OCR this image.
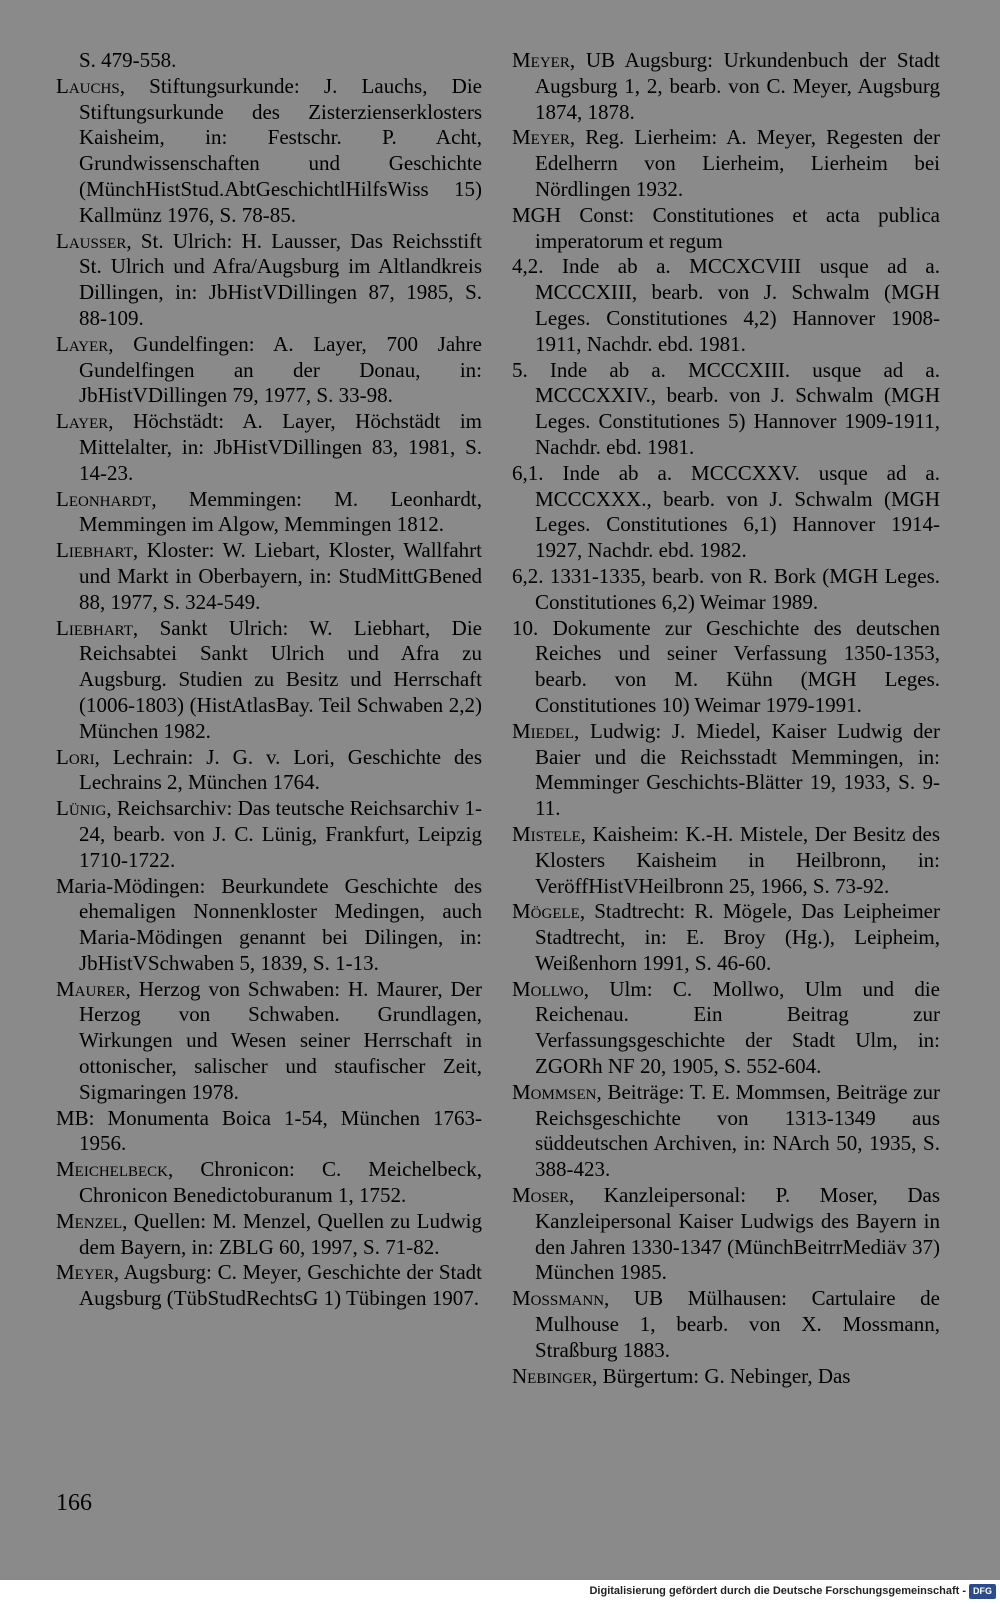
S. 479-558.
Lauchs, Stiftungsurkunde: J. Lauchs, Die Stiftungsurkunde des Zisterzienserklosters Kaisheim, in: Festschr. P. Acht, Grundwissenschaften und Geschichte (MünchHistStud.AbtGeschichtlHilfsWiss 15) Kallmünz 1976, S. 78-85.
Lausser, St. Ulrich: H. Lausser, Das Reichsstift St. Ulrich und Afra/Augsburg im Altlandkreis Dillingen, in: JbHistVDillingen 87, 1985, S. 88-109.
Layer, Gundelfingen: A. Layer, 700 Jahre Gundelfingen an der Donau, in: JbHistVDillingen 79, 1977, S. 33-98.
Layer, Höchstädt: A. Layer, Höchstädt im Mittelalter, in: JbHistVDillingen 83, 1981, S. 14-23.
Leonhardt, Memmingen: M. Leonhardt, Memmingen im Algow, Memmingen 1812.
Liebhart, Kloster: W. Liebart, Kloster, Wallfahrt und Markt in Oberbayern, in: StudMittGBened 88, 1977, S. 324-549.
Liebhart, Sankt Ulrich: W. Liebhart, Die Reichsabtei Sankt Ulrich und Afra zu Augsburg. Studien zu Besitz und Herrschaft (1006-1803) (HistAtlasBay. Teil Schwaben 2,2) München 1982.
Lori, Lechrain: J. G. v. Lori, Geschichte des Lechrains 2, München 1764.
Lünig, Reichsarchiv: Das teutsche Reichsarchiv 1-24, bearb. von J. C. Lünig, Frankfurt, Leipzig 1710-1722.
Maria-Mödingen: Beurkundete Geschichte des ehemaligen Nonnenkloster Medingen, auch Maria-Mödingen genannt bei Dilingen, in: JbHistVSchwaben 5, 1839, S. 1-13.
Maurer, Herzog von Schwaben: H. Maurer, Der Herzog von Schwaben. Grundlagen, Wirkungen und Wesen seiner Herrschaft in ottonischer, salischer und staufischer Zeit, Sigmaringen 1978.
MB: Monumenta Boica 1-54, München 1763-1956.
Meichelbeck, Chronicon: C. Meichelbeck, Chronicon Benedictoburanum 1, 1752.
Menzel, Quellen: M. Menzel, Quellen zu Ludwig dem Bayern, in: ZBLG 60, 1997, S. 71-82.
Meyer, Augsburg: C. Meyer, Geschichte der Stadt Augsburg (TübStudRechtsG 1) Tübingen 1907.
Meyer, UB Augsburg: Urkundenbuch der Stadt Augsburg 1, 2, bearb. von C. Meyer, Augsburg 1874, 1878.
Meyer, Reg. Lierheim: A. Meyer, Regesten der Edelherrn von Lierheim, Lierheim bei Nördlingen 1932.
MGH Const: Constitutiones et acta publica imperatorum et regum
4,2. Inde ab a. MCCXCVIII usque ad a. MCCCXIII, bearb. von J. Schwalm (MGH Leges. Constitutiones 4,2) Hannover 1908-1911, Nachdr. ebd. 1981.
5. Inde ab a. MCCCXIII. usque ad a. MCCCXXIV., bearb. von J. Schwalm (MGH Leges. Constitutiones 5) Hannover 1909-1911, Nachdr. ebd. 1981.
6,1. Inde ab a. MCCCXXV. usque ad a. MCCCXXX., bearb. von J. Schwalm (MGH Leges. Constitutiones 6,1) Hannover 1914-1927, Nachdr. ebd. 1982.
6,2. 1331-1335, bearb. von R. Bork (MGH Leges. Constitutiones 6,2) Weimar 1989.
10. Dokumente zur Geschichte des deutschen Reiches und seiner Verfassung 1350-1353, bearb. von M. Kühn (MGH Leges. Constitutiones 10) Weimar 1979-1991.
Miedel, Ludwig: J. Miedel, Kaiser Ludwig der Baier und die Reichsstadt Memmingen, in: Memminger Geschichts-Blätter 19, 1933, S. 9-11.
Mistele, Kaisheim: K.-H. Mistele, Der Besitz des Klosters Kaisheim in Heilbronn, in: VeröffHistVHeilbronn 25, 1966, S. 73-92.
Mögele, Stadtrecht: R. Mögele, Das Leipheimer Stadtrecht, in: E. Broy (Hg.), Leipheim, Weißenhorn 1991, S. 46-60.
Mollwo, Ulm: C. Mollwo, Ulm und die Reichenau. Ein Beitrag zur Verfassungsgeschichte der Stadt Ulm, in: ZGORh NF 20, 1905, S. 552-604.
Mommsen, Beiträge: T. E. Mommsen, Beiträge zur Reichsgeschichte von 1313-1349 aus süddeutschen Archiven, in: NArch 50, 1935, S. 388-423.
Moser, Kanzleipersonal: P. Moser, Das Kanzleipersonal Kaiser Ludwigs des Bayern in den Jahren 1330-1347 (MünchBeitrrMediäv 37) München 1985.
Mossmann, UB Mülhausen: Cartulaire de Mulhouse 1, bearb. von X. Mossmann, Straßburg 1883.
Nebinger, Bürgertum: G. Nebinger, Das
166
Digitalisierung gefördert durch die Deutsche Forschungsgemeinschaft - DFG
